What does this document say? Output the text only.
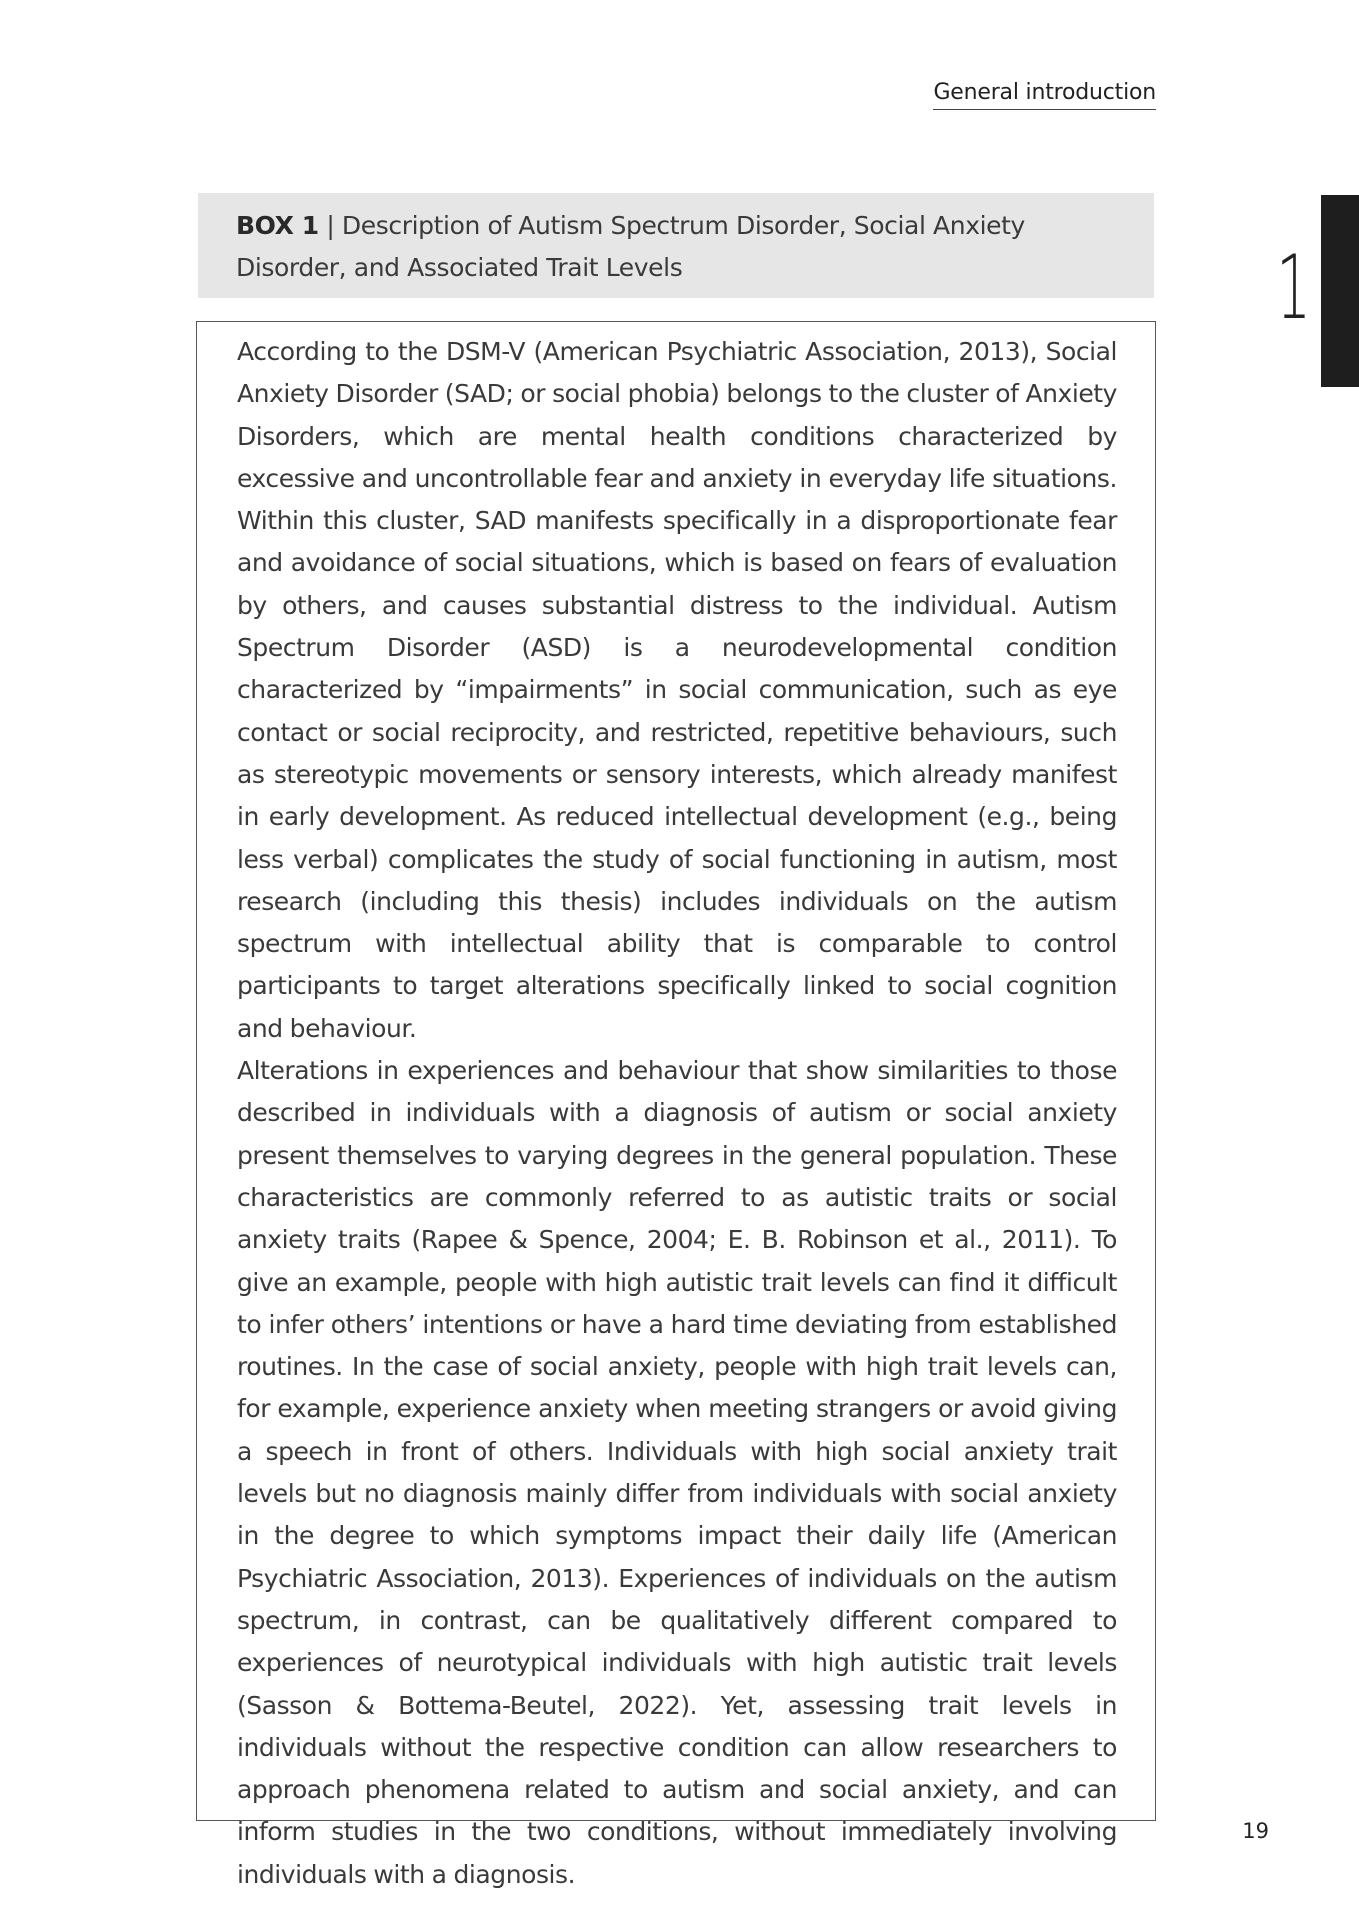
General introduction
1
BOX 1 | Description of Autism Spectrum Disorder, Social Anxiety Disorder, and Associated Trait Levels

According to the DSM-V (American Psychiatric Association, 2013), Social Anxiety Disorder (SAD; or social phobia) belongs to the cluster of Anxiety Disorders, which are mental health conditions characterized by excessive and uncontrollable fear and anxiety in everyday life situations. Within this cluster, SAD manifests specifically in a disproportionate fear and avoidance of social situations, which is based on fears of evaluation by others, and causes substantial distress to the individual. Autism Spectrum Disorder (ASD) is a neurodevelopmental condition characterized by “impairments” in social communication, such as eye contact or social reciprocity, and restricted, repetitive behaviours, such as stereotypic movements or sensory interests, which already manifest in early development. As reduced intellectual development (e.g., being less verbal) complicates the study of social functioning in autism, most research (including this thesis) includes individuals on the autism spectrum with intellectual ability that is comparable to control participants to target alterations specifically linked to social cognition and behaviour.

Alterations in experiences and behaviour that show similarities to those described in individuals with a diagnosis of autism or social anxiety present themselves to varying degrees in the general population. These characteristics are commonly referred to as autistic traits or social anxiety traits (Rapee & Spence, 2004; E. B. Robinson et al., 2011). To give an example, people with high autistic trait levels can find it difficult to infer others’ intentions or have a hard time deviating from established routines. In the case of social anxiety, people with high trait levels can, for example, experience anxiety when meeting strangers or avoid giving a speech in front of others. Individuals with high social anxiety trait levels but no diagnosis mainly differ from individuals with social anxiety in the degree to which symptoms impact their daily life (American Psychiatric Association, 2013). Experiences of individuals on the autism spectrum, in contrast, can be qualitatively different compared to experiences of neurotypical individuals with high autistic trait levels (Sasson & Bottema-Beutel, 2022). Yet, assessing trait levels in individuals without the respective condition can allow researchers to approach phenomena related to autism and social anxiety, and can inform studies in the two conditions, without immediately involving individuals with a diagnosis.

19
